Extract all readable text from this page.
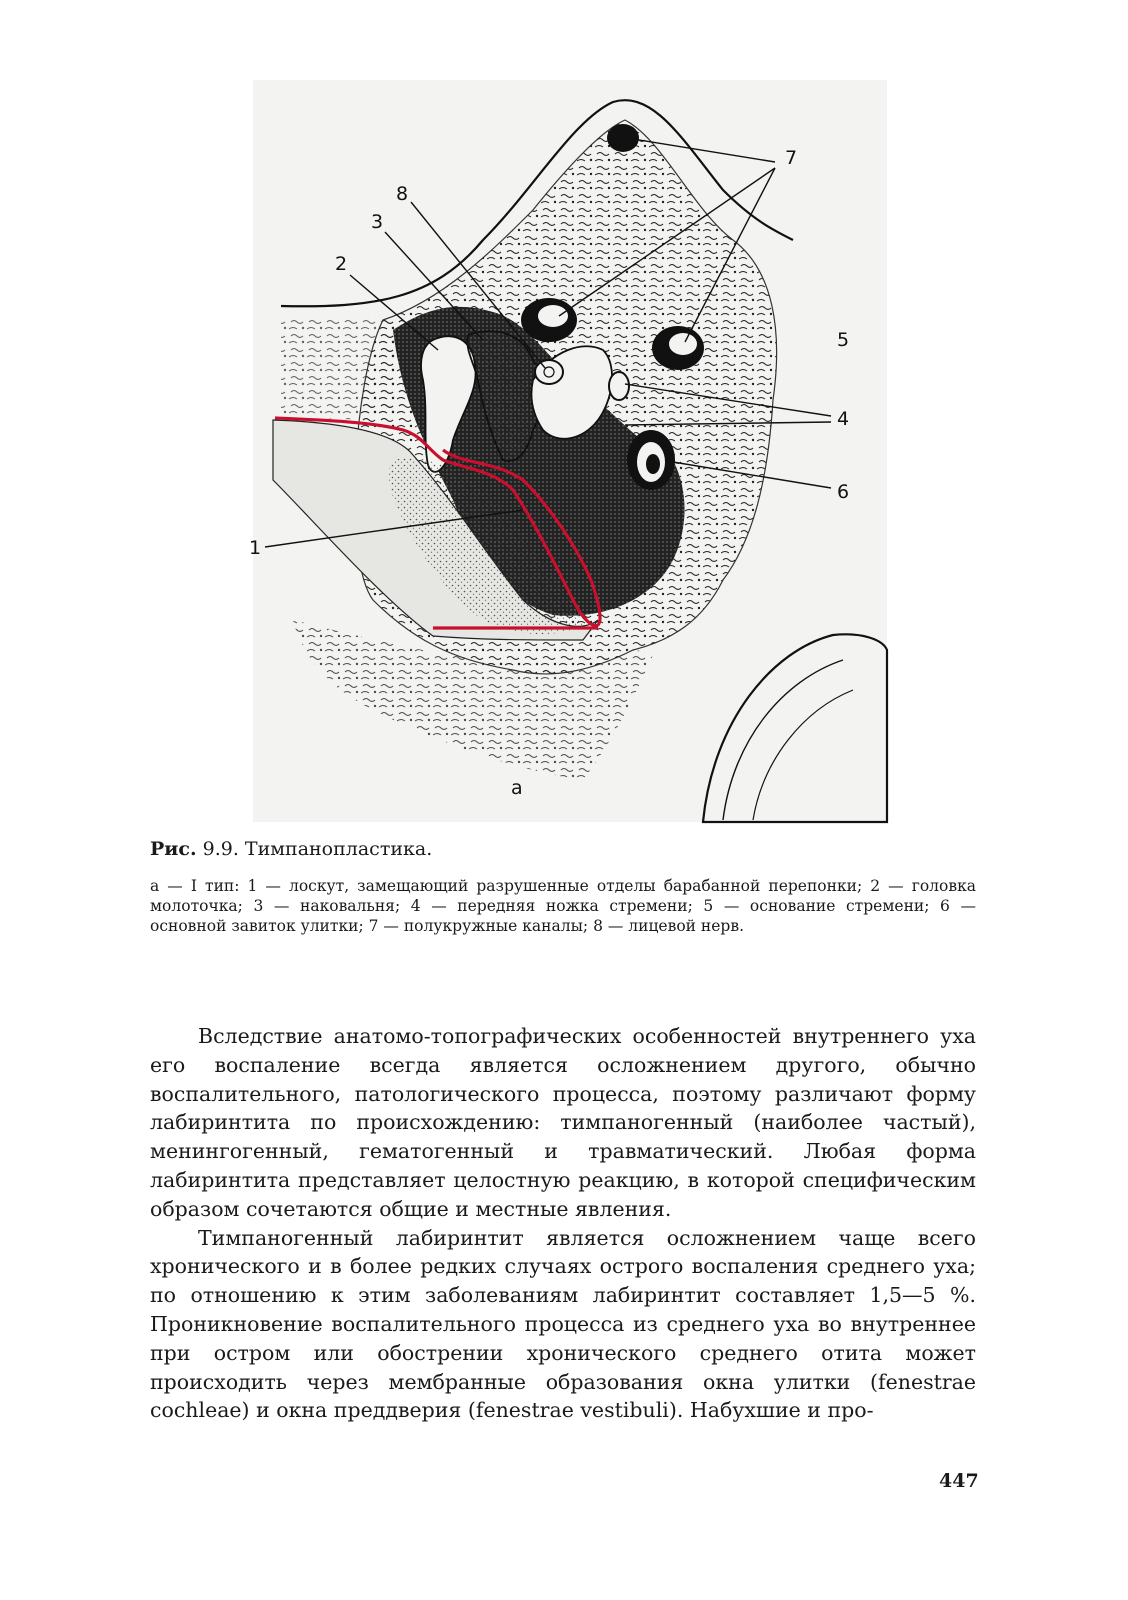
1
2
3
8
4
5
6
7
а
Рис. 9.9. Тимпанопластика.
а — I тип: 1 — лоскут, замещающий разрушенные отделы барабанной перепонки; 2 — головка молоточка; 3 — наковальня; 4 — передняя ножка стремени; 5 — основание стремени; 6 — основной завиток улитки; 7 — полукружные каналы; 8 — лицевой нерв.

Вследствие анатомо-топографических особенностей внутреннего уха его воспаление всегда является осложнением другого, обычно воспалительного, патологического процесса, поэтому различают форму лабиринтита по происхождению: тимпаногенный (наиболее частый), менингогенный, гематогенный и травматический. Любая форма лабиринтита представляет целостную реакцию, в которой специфическим образом сочетаются общие и местные явления.

Тимпаногенный лабиринтит является осложнением чаще всего хронического и в более редких случаях острого воспаления среднего уха; по отношению к этим заболеваниям лабиринтит составляет 1,5—5 %. Проникновение воспалительного процесса из среднего уха во внутреннее при остром или обострении хронического среднего отита может происходить через мембранные образования окна улитки (fenestrae cochleae) и окна преддверия (fenestrae vestibuli). Набухшие и про-

447
